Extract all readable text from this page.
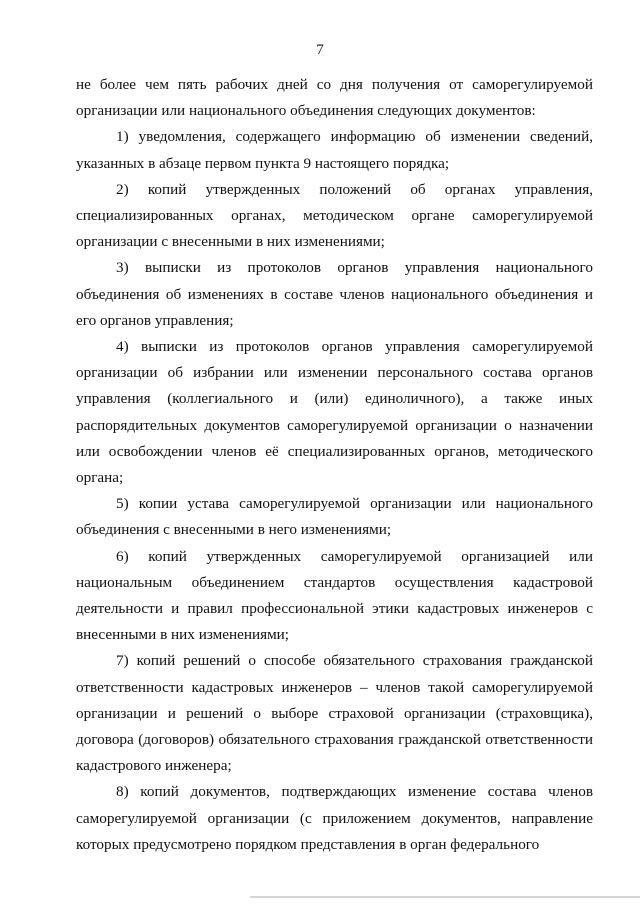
7

не более чем пять рабочих дней со дня получения от саморегулируемой организации или национального объединения следующих документов:

1) уведомления, содержащего информацию об изменении сведений, указанных в абзаце первом пункта 9 настоящего порядка;

2) копий утвержденных положений об органах управления, специализированных органах, методическом органе саморегулируемой организации с внесенными в них изменениями;

3) выписки из протоколов органов управления национального объединения об изменениях в составе членов национального объединения и его органов управления;

4) выписки из протоколов органов управления саморегулируемой организации об избрании или изменении персонального состава органов управления (коллегиального и (или) единоличного), а также иных распорядительных документов саморегулируемой организации о назначении или освобождении членов её специализированных органов, методического органа;

5) копии устава саморегулируемой организации или национального объединения с внесенными в него изменениями;

6) копий утвержденных саморегулируемой организацией или национальным объединением стандартов осуществления кадастровой деятельности и правил профессиональной этики кадастровых инженеров с внесенными в них изменениями;

7) копий решений о способе обязательного страхования гражданской ответственности кадастровых инженеров – членов такой саморегулируемой организации и решений о выборе страховой организации (страховщика), договора (договоров) обязательного страхования гражданской ответственности кадастрового инженера;

8) копий документов, подтверждающих изменение состава членов саморегулируемой организации (с приложением документов, направление которых предусмотрено порядком представления в орган федерального
